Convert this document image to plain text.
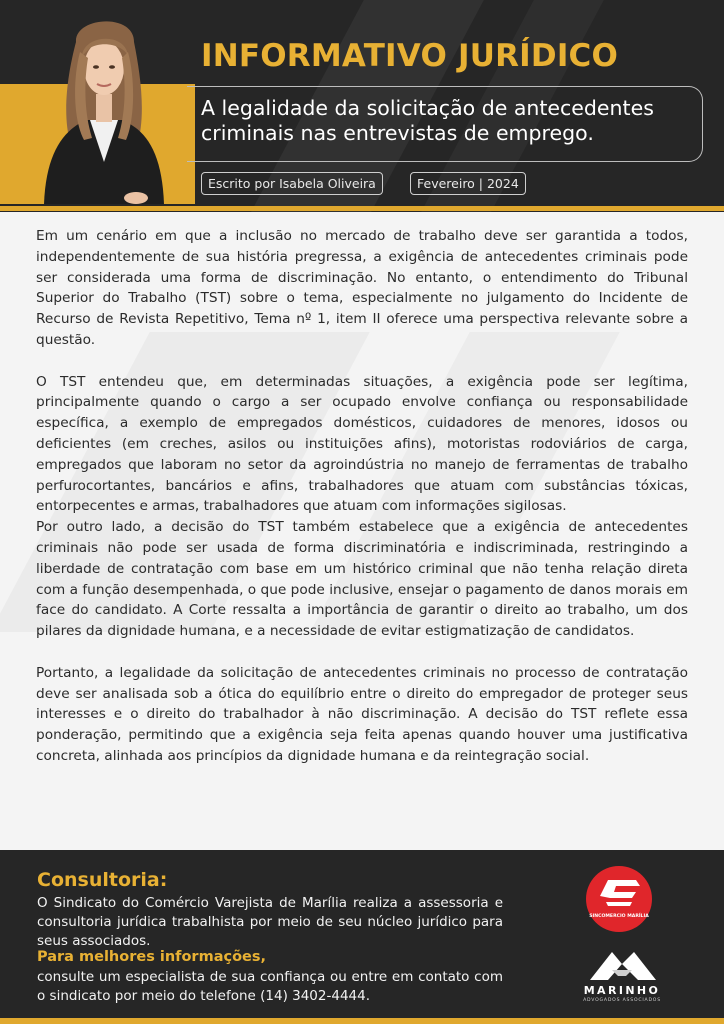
INFORMATIVO JURÍDICO
A legalidade da solicitação de antecedentes criminais nas entrevistas de emprego.
Escrito por Isabela Oliveira	Fevereiro | 2024

Em um cenário em que a inclusão no mercado de trabalho deve ser garantida a todos, independentemente de sua história pregressa, a exigência de antecedentes criminais pode ser considerada uma forma de discriminação. No entanto, o entendimento do Tribunal Superior do Trabalho (TST) sobre o tema, especialmente no julgamento do Incidente de Recurso de Revista Repetitivo, Tema nº 1, item II oferece uma perspectiva relevante sobre a questão.

O TST entendeu que, em determinadas situações, a exigência pode ser legítima, principalmente quando o cargo a ser ocupado envolve confiança ou responsabilidade específica, a exemplo de empregados domésticos, cuidadores de menores, idosos ou deficientes (em creches, asilos ou instituições afins), motoristas rodoviários de carga, empregados que laboram no setor da agroindústria no manejo de ferramentas de trabalho perfurocortantes, bancários e afins, trabalhadores que atuam com substâncias tóxicas, entorpecentes e armas, trabalhadores que atuam com informações sigilosas.

Por outro lado, a decisão do TST também estabelece que a exigência de antecedentes criminais não pode ser usada de forma discriminatória e indiscriminada, restringindo a liberdade de contratação com base em um histórico criminal que não tenha relação direta com a função desempenhada, o que pode inclusive, ensejar o pagamento de danos morais em face do candidato. A Corte ressalta a importância de garantir o direito ao trabalho, um dos pilares da dignidade humana, e a necessidade de evitar estigmatização de candidatos.

Portanto, a legalidade da solicitação de antecedentes criminais no processo de contratação deve ser analisada sob a ótica do equilíbrio entre o direito do empregador de proteger seus interesses e o direito do trabalhador à não discriminação. A decisão do TST reflete essa ponderação, permitindo que a exigência seja feita apenas quando houver uma justificativa concreta, alinhada aos princípios da dignidade humana e da reintegração social.

Consultoria:
O Sindicato do Comércio Varejista de Marília realiza a assessoria e consultoria jurídica trabalhista por meio de seu núcleo jurídico para seus associados.
Para melhores informações,
consulte um especialista de sua confiança ou entre em contato com o sindicato por meio do telefone (14) 3402-4444.
SINCOMERCIO MARÍLIA
MARINHO
ADVOGADOS ASSOCIADOS
